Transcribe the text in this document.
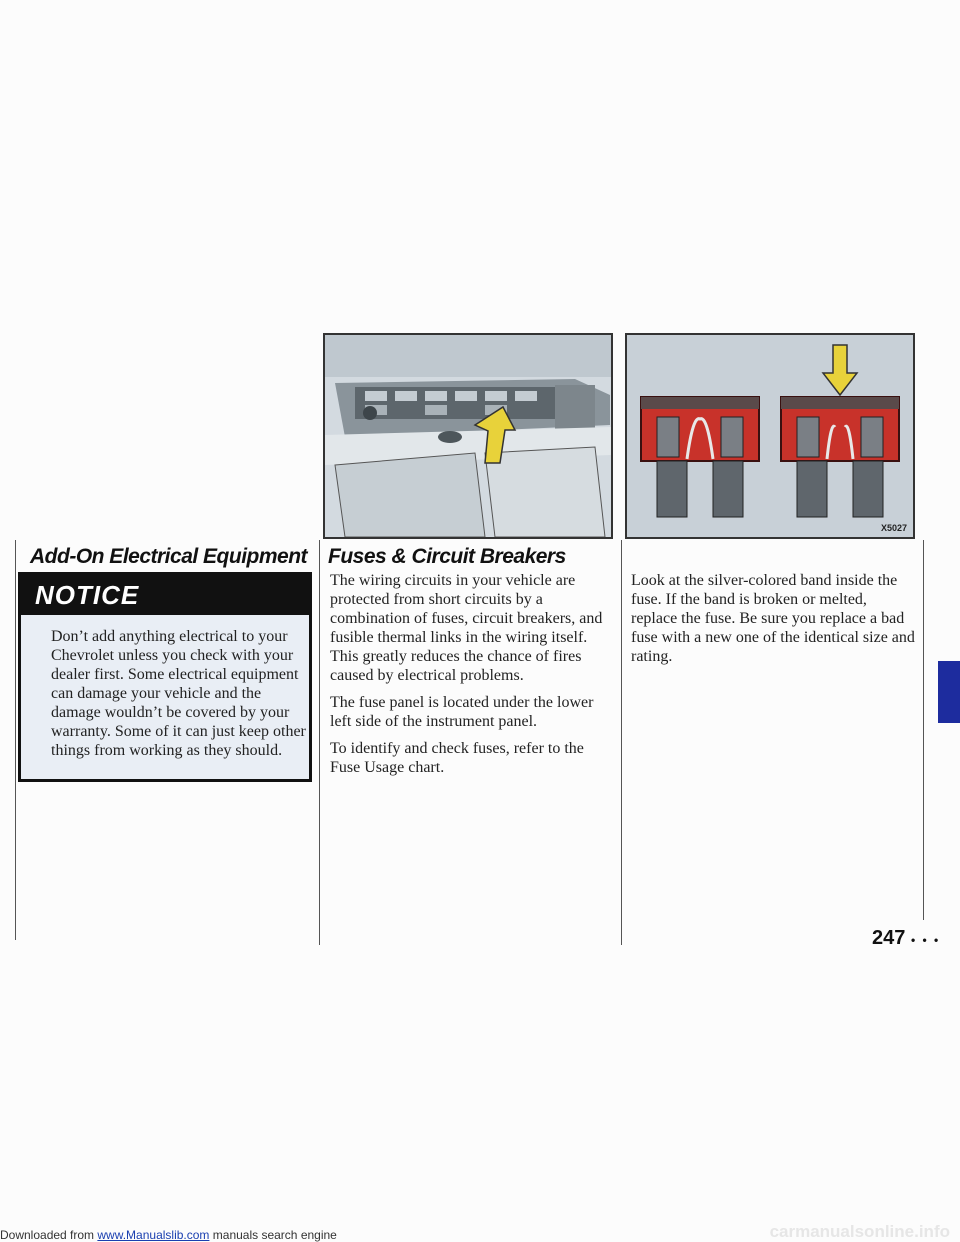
Add-On Electrical Equipment
NOTICE
Don’t add anything electrical to your Chevrolet unless you check with your dealer first. Some electrical equipment can damage your vehicle and the damage wouldn’t be covered by your warranty. Some of it can just keep other things from working as they should.
Fuses & Circuit Breakers

The wiring circuits in your vehicle are protected from short circuits by a combination of fuses, circuit breakers, and fusible thermal links in the wiring itself. This greatly reduces the chance of fires caused by electrical problems.

The fuse panel is located under the lower left side of the instrument panel.

To identify and check fuses, refer to the Fuse Usage chart.

X5027
Look at the silver-colored band inside the fuse. If the band is broken or melted, replace the fuse. Be sure you replace a bad fuse with a new one of the identical size and rating.
247 • • •
Downloaded from www.Manualslib.com manuals search engine	carmanualsonline.info
